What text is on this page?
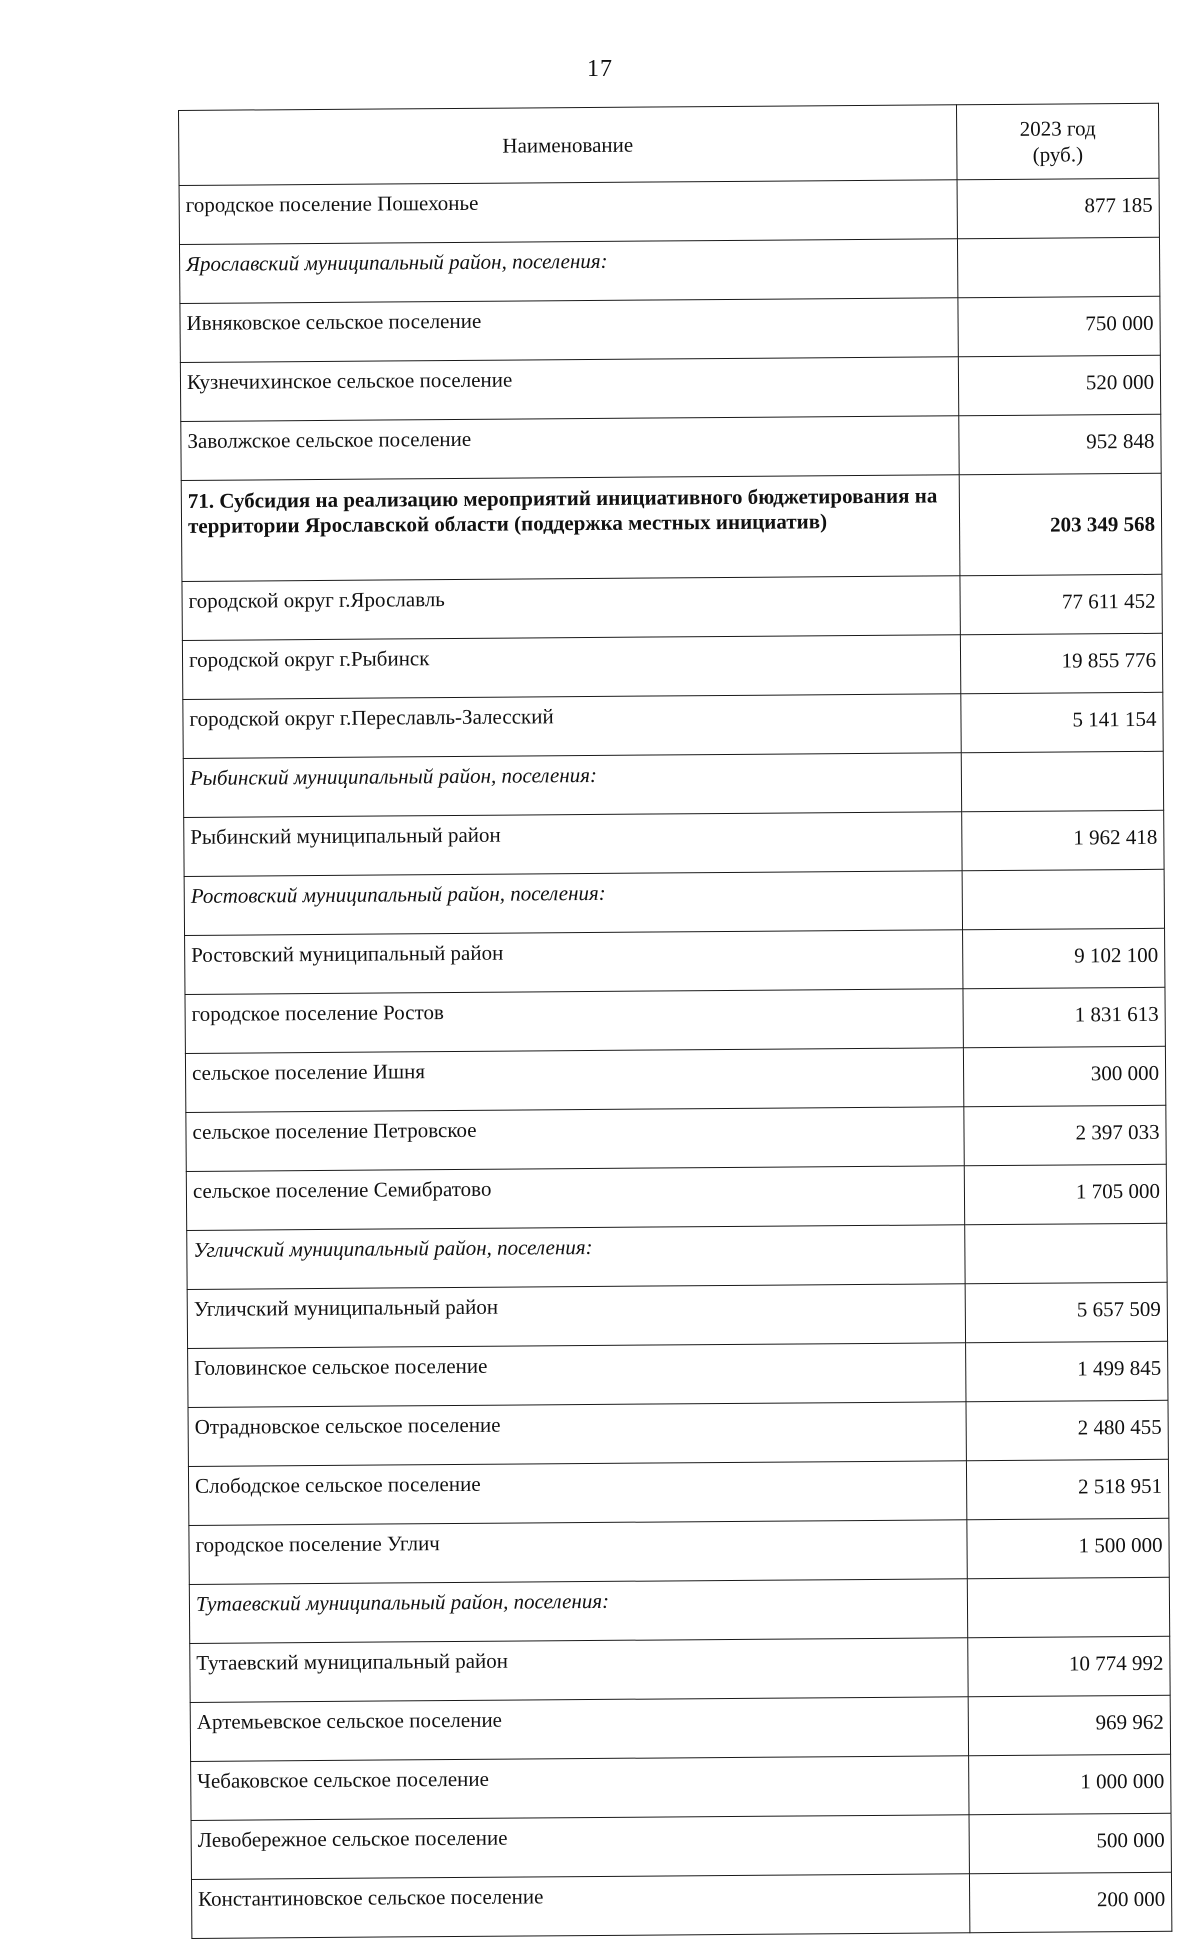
17
Наименование	2023 год
(руб.)
городское поселение Пошехонье	877 185
Ярославский муниципальный район, поселения:	
Ивняковское сельское поселение	750 000
Кузнечихинское сельское поселение	520 000
Заволжское сельское поселение	952 848
71. Субсидия на реализацию мероприятий инициативного бюджетирования на территории Ярославской области (поддержка местных инициатив)	203 349 568
городской округ г.Ярославль	77 611 452
городской округ г.Рыбинск	19 855 776
городской округ г.Переславль-Залесский	5 141 154
Рыбинский муниципальный район, поселения:	
Рыбинский муниципальный район	1 962 418
Ростовский муниципальный район, поселения:	
Ростовский муниципальный район	9 102 100
городское поселение Ростов	1 831 613
сельское поселение Ишня	300 000
сельское поселение Петровское	2 397 033
сельское поселение Семибратово	1 705 000
Угличский муниципальный район, поселения:	
Угличский муниципальный район	5 657 509
Головинское сельское поселение	1 499 845
Отрадновское сельское поселение	2 480 455
Слободское сельское поселение	2 518 951
городское поселение Углич	1 500 000
Тутаевский муниципальный район, поселения:	
Тутаевский муниципальный район	10 774 992
Артемьевское сельское поселение	969 962
Чебаковское сельское поселение	1 000 000
Левобережное сельское поселение	500 000
Константиновское сельское поселение	200 000
